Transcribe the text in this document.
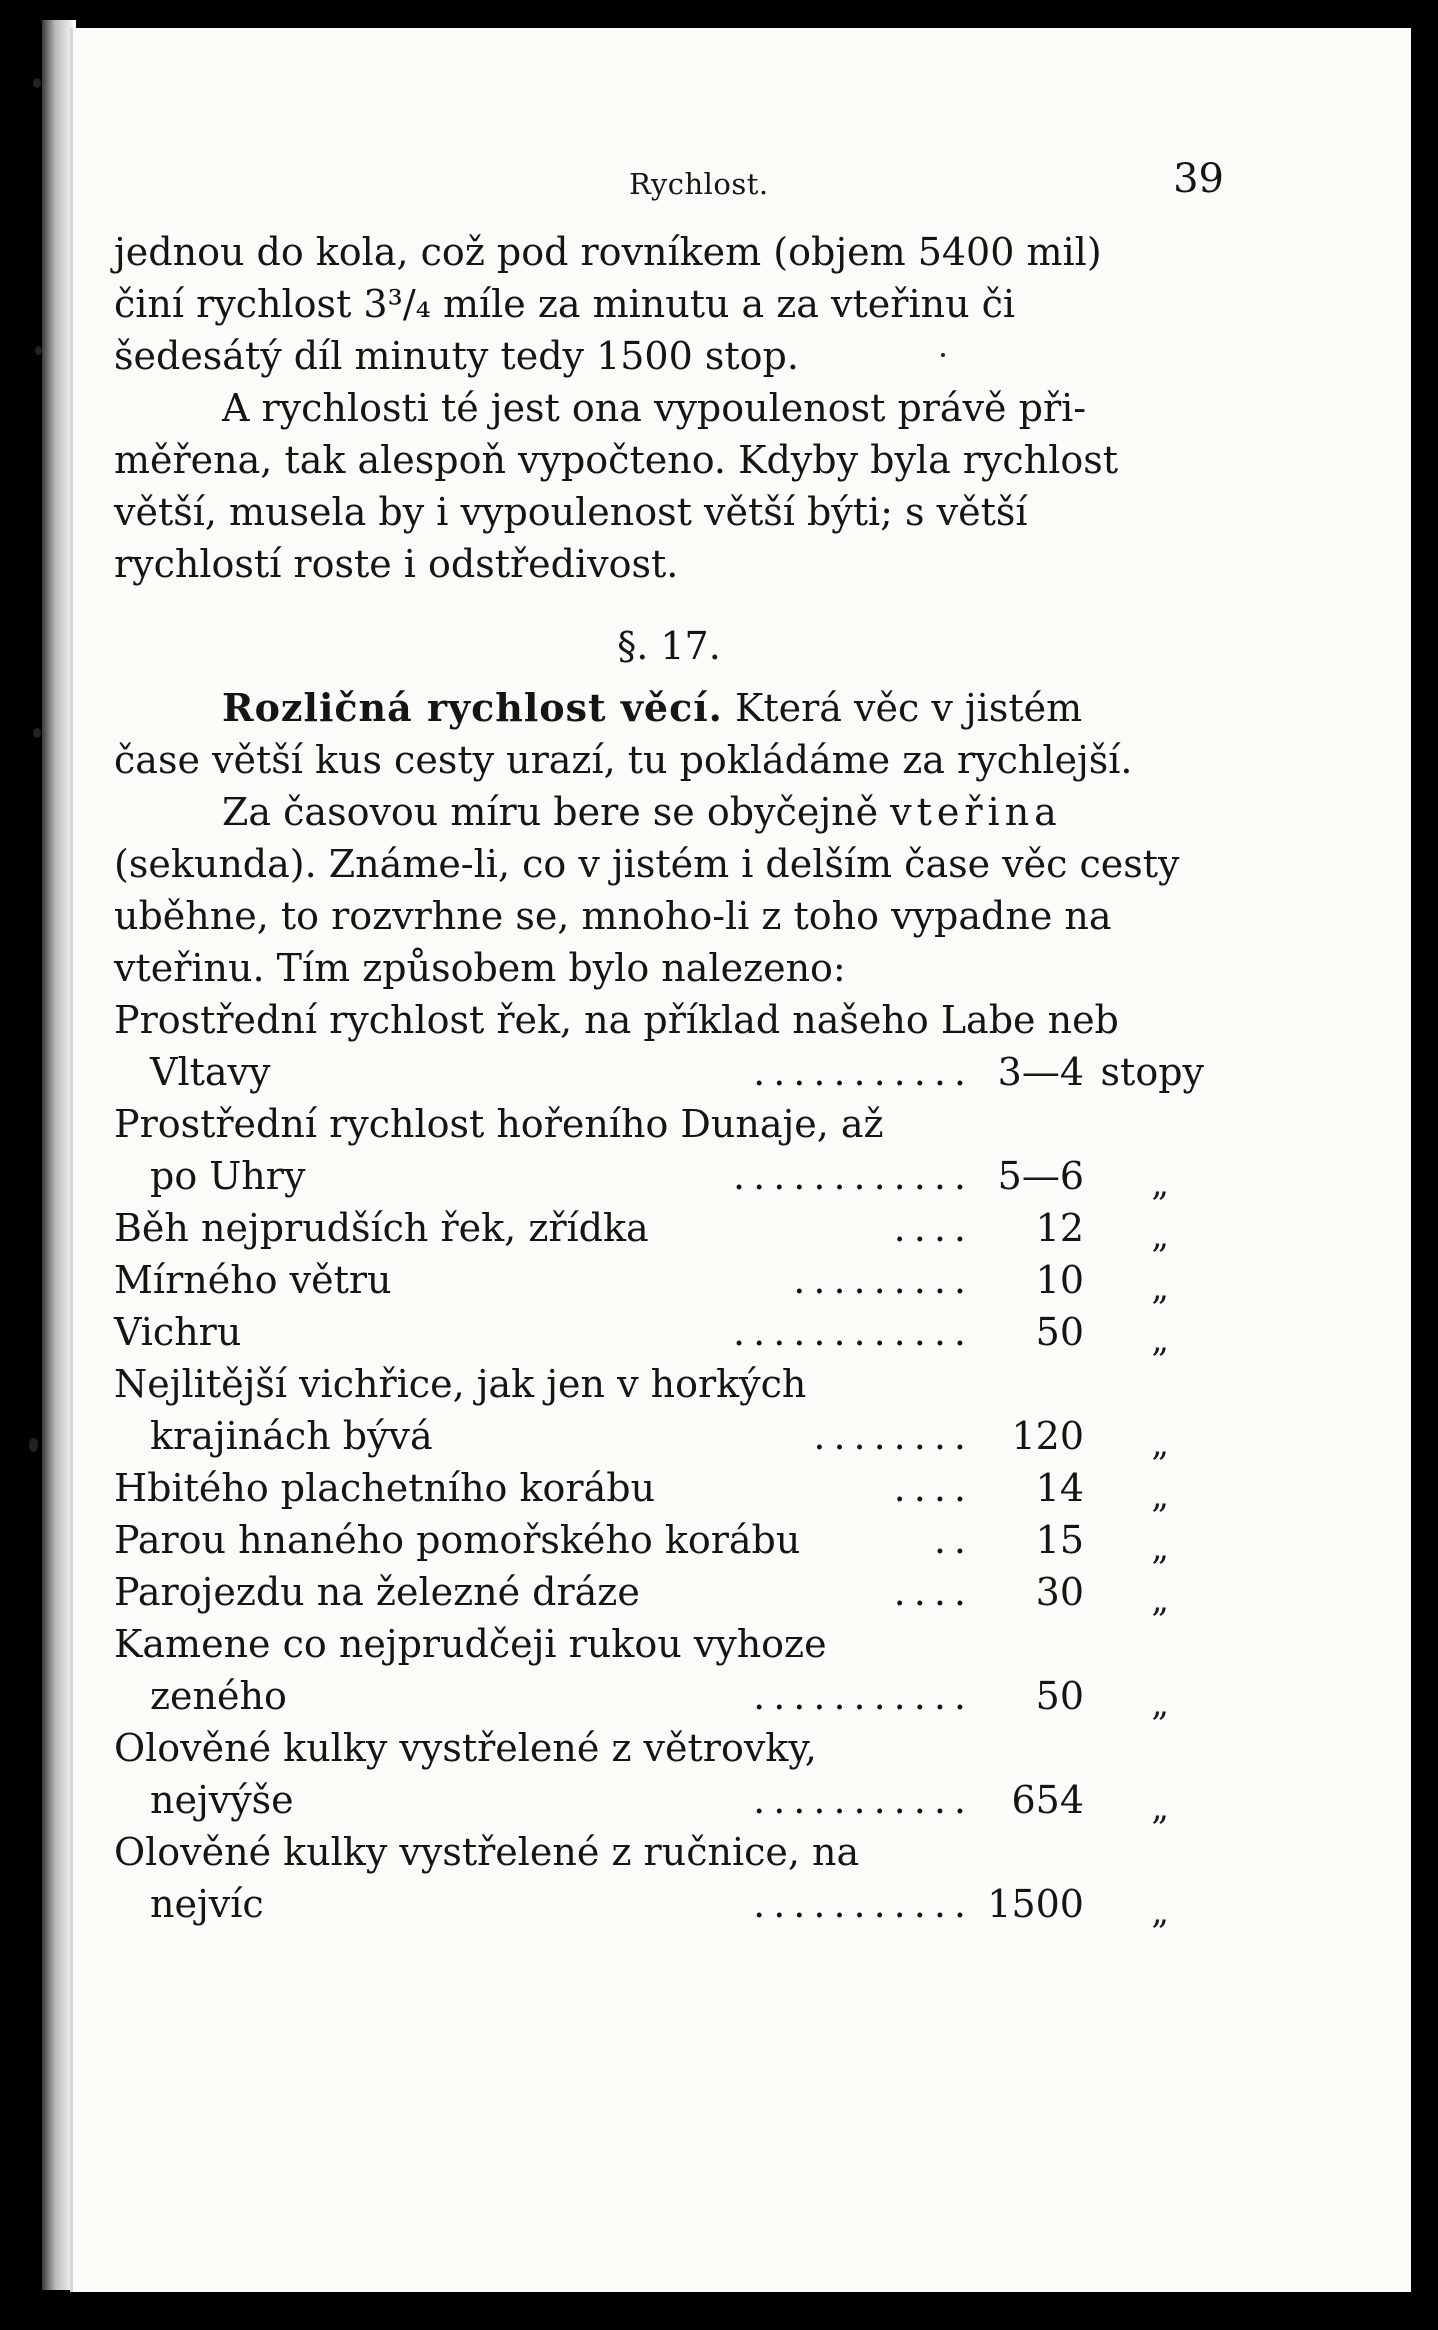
Rychlost.	39
jednou do kola, což pod rovníkem (objem 5400 mil)
činí rychlost 3³/₄ míle za minutu a za vteřinu či
šedesátý díl minuty tedy 1500 stop.
A rychlosti té jest ona vypoulenost právě při-
měřena, tak alespoň vypočteno. Kdyby byla rychlost
větší, musela by i vypoulenost větší býti; s větší
rychlostí roste i odstředivost.
§. 17.
Rozličná rychlost věcí. Která věc v jistém
čase větší kus cesty urazí, tu pokládáme za rychlejší.
Za časovou míru bere se obyčejně vteřina
(sekunda). Známe-li, co v jistém i delším čase věc cesty
uběhne, to rozvrhne se, mnoho-li z toho vypadne na
vteřinu. Tím způsobem bylo nalezeno:
Prostřední rychlost řek, na příklad našeho Labe neb
Vltavy	........... 3—4 stopy
Prostřední rychlost hořeního Dunaje, až
po Uhry	............ 5—6 „
Běh nejprudších řek, zřídka	.... 12 „
Mírného větru	......... 10 „
Vichru	............ 50 „
Nejlitější vichřice, jak jen v horkých
krajinách bývá	........ 120 „
Hbitého plachetního korábu	.... 14 „
Parou hnaného pomořského korábu	.. 15 „
Parojezdu na železné dráze	.... 30 „
Kamene co nejprudčeji rukou vyhoze
zeného	........... 50 „
Olověné kulky vystřelené z větrovky,
nejvýše	........... 654 „
Olověné kulky vystřelené z ručnice, na
nejvíc	........... 1500 „
